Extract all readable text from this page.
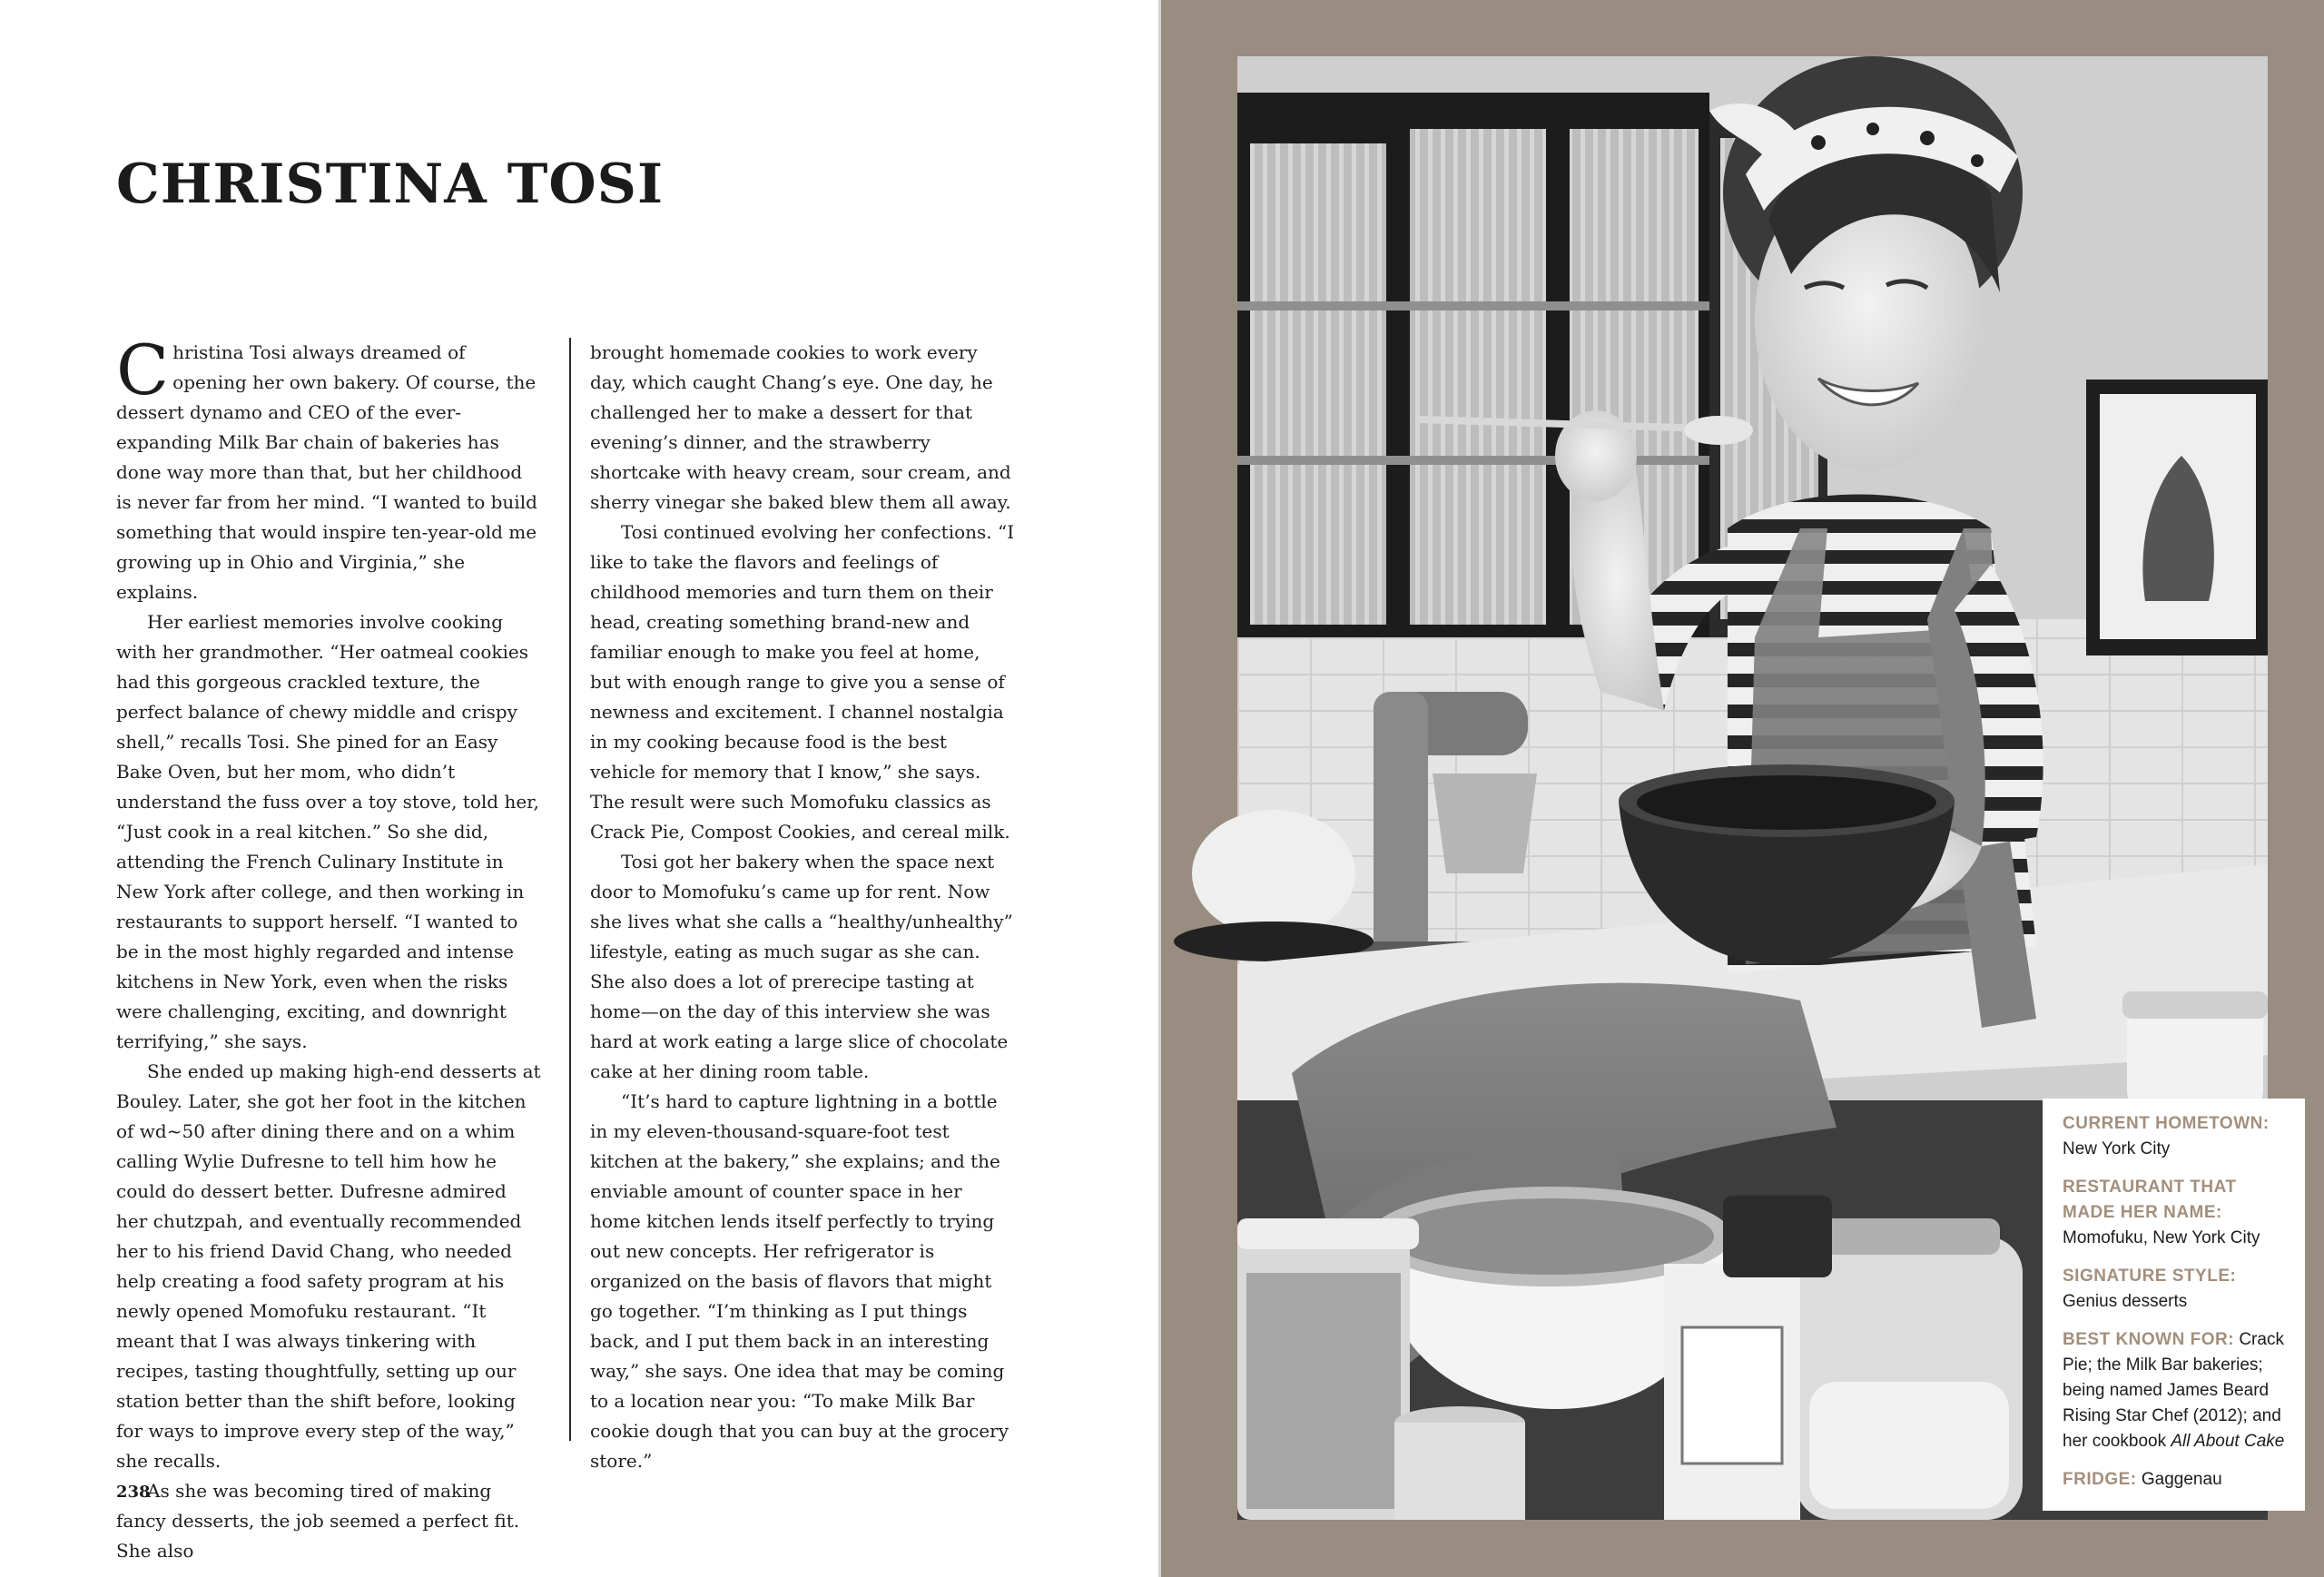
CHRISTINA TOSI

Christina Tosi always dreamed of opening her own bakery. Of course, the dessert dynamo and CEO of the ever-expanding Milk Bar chain of bakeries has done way more than that, but her childhood is never far from her mind. “I wanted to build something that would inspire ten-year-old me growing up in Ohio and Virginia,” she explains.

Her earliest memories involve cooking with her grandmother. “Her oatmeal cookies had this gorgeous crackled texture, the perfect balance of chewy middle and crispy shell,” recalls Tosi. She pined for an Easy Bake Oven, but her mom, who didn’t understand the fuss over a toy stove, told her, “Just cook in a real kitchen.” So she did, attending the French Culinary Institute in New York after college, and then working in restaurants to support herself. “I wanted to be in the most highly regarded and intense kitchens in New York, even when the risks were challenging, exciting, and downright terrifying,” she says.

She ended up making high-end desserts at Bouley. Later, she got her foot in the kitchen of wd~50 after dining there and on a whim calling Wylie Dufresne to tell him how he could do dessert better. Dufresne admired her chutzpah, and eventually recommended her to his friend David Chang, who needed help creating a food safety program at his newly opened Momofuku restaurant. “It meant that I was always tinkering with recipes, tasting thoughtfully, setting up our station better than the shift before, looking for ways to improve every step of the way,” she recalls.

As she was becoming tired of making fancy desserts, the job seemed a perfect fit. She also

brought homemade cookies to work every day, which caught Chang’s eye. One day, he challenged her to make a dessert for that evening’s dinner, and the strawberry shortcake with heavy cream, sour cream, and sherry vinegar she baked blew them all away.

Tosi continued evolving her confections. “I like to take the flavors and feelings of childhood memories and turn them on their head, creating something brand-new and familiar enough to make you feel at home, but with enough range to give you a sense of newness and excitement. I channel nostalgia in my cooking because food is the best vehicle for memory that I know,” she says. The result were such Momofuku classics as Crack Pie, Compost Cookies, and cereal milk.

Tosi got her bakery when the space next door to Momofuku’s came up for rent. Now she lives what she calls a “healthy/unhealthy” lifestyle, eating as much sugar as she can. She also does a lot of prerecipe tasting at home—on the day of this interview she was hard at work eating a large slice of chocolate cake at her dining room table.

“It’s hard to capture lightning in a bottle in my eleven-thousand-square-foot test kitchen at the bakery,” she explains; and the enviable amount of counter space in her home kitchen lends itself perfectly to trying out new concepts. Her refrigerator is organized on the basis of flavors that might go together. “I’m thinking as I put things back, and I put them back in an interesting way,” she says. One idea that may be coming to a location near you: “To make Milk Bar cookie dough that you can buy at the grocery store.”

238

CURRENT HOMETOWN: New York City

RESTAURANT THAT MADE HER NAME: Momofuku, New York City

SIGNATURE STYLE: Genius desserts

BEST KNOWN FOR: Crack Pie; the Milk Bar bakeries; being named James Beard Rising Star Chef (2012); and her cookbook All About Cake

FRIDGE: Gaggenau
